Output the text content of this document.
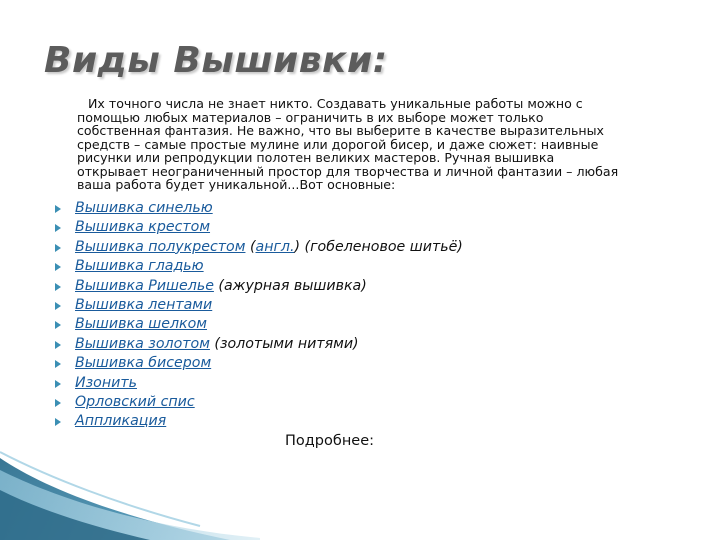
Виды Вышивки:
Их точного числа не знает никто. Создавать уникальные работы можно с
помощью любых материалов – ограничить в их выборе может только
собственная фантазия. Не важно, что вы выберите в качестве выразительных
средств – самые простые мулине или дорогой бисер, и даже сюжет: наивные
рисунки или репродукции полотен великих мастеров. Ручная вышивка
открывает неограниченный простор для творчества и личной фантазии – любая
ваша работа будет уникальной...Вот основные:
Вышивка синелью
Вышивка крестом
Вышивка полукрестом (англ.) (гобеленовое шитьё)
Вышивка гладью
Вышивка Ришелье (ажурная вышивка)
Вышивка лентами
Вышивка шелком
Вышивка золотом (золотыми нитями)
Вышивка бисером
Изонить
Орловский спис
Аппликация
Подробнее:
